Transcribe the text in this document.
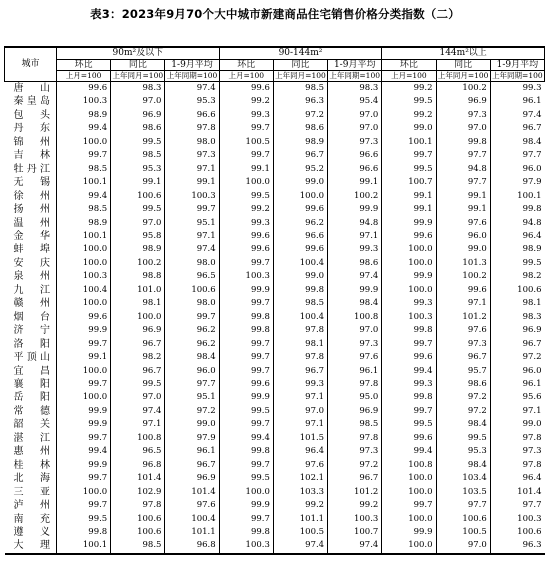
表3：2023年9月70个大中城市新建商品住宅销售价格分类指数（二）
城市	90m²及以下			90-144m²			144m²以上		
	环比	同比	1-9月平均	环比	同比	1-9月平均	环比	同比	1-9月平均
	上月=100	上年同月=100	上年同期=100	上月=100	上年同月=100	上年同期=100	上月=100	上年同月=100	上年同期=100
唐　山	99.6	98.3	97.4	99.6	98.5	98.3	99.2	100.2	99.3
秦皇岛	100.3	97.0	95.3	99.2	96.3	95.4	99.5	96.9	96.1
包　头	98.9	96.9	96.6	99.3	97.2	97.0	99.2	97.3	97.4
丹　东	99.4	98.6	97.8	99.7	98.6	97.0	99.0	97.0	96.7
锦　州	100.0	99.5	98.0	100.5	98.9	97.3	100.1	99.8	98.4
吉　林	99.7	98.5	97.3	99.7	96.7	96.6	99.7	97.7	97.7
牡丹江	98.5	95.3	97.1	99.1	95.2	96.6	99.5	94.8	96.0
无　锡	100.1	99.1	99.1	100.0	99.0	99.1	100.7	97.7	97.9
徐　州	99.4	100.6	100.3	99.5	100.0	100.2	99.1	99.1	100.1
扬　州	98.5	99.5	99.7	99.2	99.6	99.9	99.1	99.1	99.8
温　州	98.9	97.0	95.1	99.3	96.2	94.8	99.9	97.6	94.8
金　华	100.1	95.8	97.1	99.6	96.6	97.1	99.6	96.0	96.4
蚌　埠	100.0	98.9	97.4	99.6	99.6	99.3	100.0	99.0	98.9
安　庆	100.0	100.2	98.0	99.7	100.4	98.6	100.0	101.3	99.5
泉　州	100.3	98.8	96.5	100.3	99.0	97.4	99.9	100.2	98.2
九　江	100.4	101.0	100.6	99.9	99.8	99.9	100.0	99.6	100.6
赣　州	100.0	98.1	98.0	99.7	98.5	98.4	99.3	97.1	98.1
烟　台	99.6	100.0	99.7	99.8	100.4	100.8	100.3	101.2	98.3
济　宁	99.9	96.9	96.2	99.8	97.8	97.0	99.8	97.6	96.9
洛　阳	99.7	96.7	96.2	99.7	98.1	97.3	99.7	97.3	96.7
平顶山	99.1	98.2	98.4	99.7	97.8	97.6	99.6	96.7	97.2
宜　昌	100.0	96.7	96.0	99.7	96.7	96.1	99.4	95.7	96.0
襄　阳	99.7	99.5	97.7	99.6	99.3	97.8	99.3	98.6	96.1
岳　阳	100.0	97.0	95.1	99.9	97.1	95.0	99.8	97.2	95.6
常　德	99.9	97.4	97.2	99.5	97.0	96.9	99.7	97.2	97.1
韶　关	99.9	97.1	99.0	99.7	97.1	98.5	99.5	98.4	99.0
湛　江	99.7	100.8	97.9	99.4	101.5	97.8	99.6	99.5	97.8
惠　州	99.4	96.5	96.1	99.8	96.4	97.3	99.4	95.3	97.3
桂　林	99.9	96.8	96.7	99.7	97.6	97.2	100.8	98.4	97.8
北　海	99.7	101.4	96.9	99.5	102.1	96.7	100.0	103.4	96.4
三　亚	100.0	102.9	101.4	100.0	103.3	101.2	100.0	103.5	101.4
泸　州	99.7	97.8	97.6	99.9	99.2	99.2	99.7	97.7	97.7
南　充	99.5	100.6	100.4	99.7	101.1	100.3	100.0	100.6	100.3
遵　义	99.8	100.6	101.1	99.8	100.5	100.7	99.9	100.5	100.6
大　理	100.1	98.5	96.8	100.3	97.4	97.4	100.0	97.0	96.3
